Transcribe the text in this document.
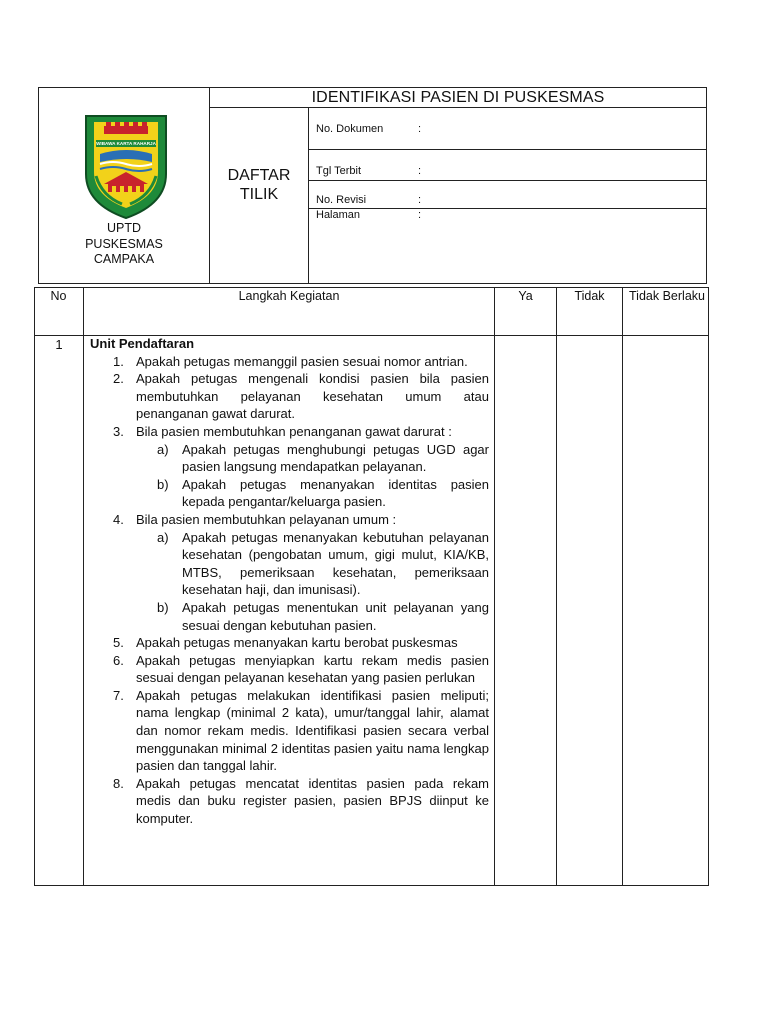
IDENTIFIKASI PASIEN DI PUSKESMAS
DAFTAR
TILIK
No. Dokumen	:
Tgl Terbit	:
No. Revisi	:
Halaman	:
WIBAWA KARTA RAHARJA
UPTD
PUSKESMAS
CAMPAKA
No	Langkah Kegiatan	Ya	Tidak	Tidak Berlaku
1	Unit Pendaftaran
1. Apakah petugas memanggil pasien sesuai nomor antrian.
2. Apakah petugas mengenali kondisi pasien bila pasien membutuhkan pelayanan kesehatan umum atau penanganan gawat darurat.
3. Bila pasien membutuhkan penanganan gawat darurat :
a) Apakah petugas menghubungi petugas UGD agar pasien langsung mendapatkan pelayanan.
b) Apakah petugas menanyakan identitas pasien kepada pengantar/keluarga pasien.
4. Bila pasien membutuhkan pelayanan umum :
a) Apakah petugas menanyakan kebutuhan pelayanan kesehatan (pengobatan umum, gigi mulut, KIA/KB, MTBS, pemeriksaan kesehatan, pemeriksaan kesehatan haji, dan imunisasi).
b) Apakah petugas menentukan unit pelayanan yang sesuai dengan kebutuhan pasien.
5. Apakah petugas menanyakan kartu berobat puskesmas
6. Apakah petugas menyiapkan kartu rekam medis pasien sesuai dengan pelayanan kesehatan yang pasien perlukan
7. Apakah petugas melakukan identifikasi pasien meliputi; nama lengkap (minimal 2 kata), umur/tanggal lahir, alamat dan nomor rekam medis. Identifikasi pasien secara verbal menggunakan minimal 2 identitas pasien yaitu nama lengkap pasien dan tanggal lahir.
8. Apakah petugas mencatat identitas pasien pada rekam medis dan buku register pasien, pasien BPJS diinput ke komputer.
